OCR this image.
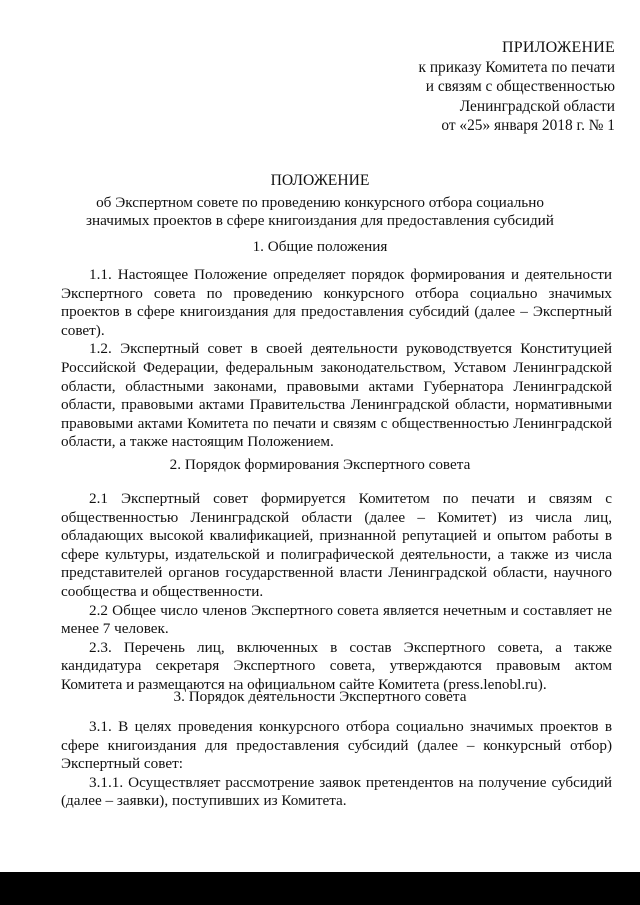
ПРИЛОЖЕНИЕ
к приказу Комитета по печати
и связям с общественностью
Ленинградской области
от «25» января 2018 г. № 1
ПОЛОЖЕНИЕ
об Экспертном совете по проведению конкурсного отбора социально
значимых проектов в сфере книгоиздания для предоставления субсидий
1. Общие положения

1.1. Настоящее Положение определяет порядок формирования и деятельности Экспертного совета по проведению конкурсного отбора социально значимых проектов в сфере книгоиздания для предоставления субсидий (далее – Экспертный совет).

1.2. Экспертный совет в своей деятельности руководствуется Конституцией Российской Федерации, федеральным законодательством, Уставом Ленинградской области, областными законами, правовыми актами Губернатора Ленинградской области, правовыми актами Правительства Ленинградской области, нормативными правовыми актами Комитета по печати и связям с общественностью Ленинградской области, а также настоящим Положением.

2. Порядок формирования Экспертного совета

2.1 Экспертный совет формируется Комитетом по печати и связям с общественностью Ленинградской области (далее – Комитет) из числа лиц, обладающих высокой квалификацией, признанной репутацией и опытом работы в сфере культуры, издательской и полиграфической деятельности, а также из числа представителей органов государственной власти Ленинградской области, научного сообщества и общественности.

2.2 Общее число членов Экспертного совета является нечетным и составляет не менее 7 человек.

2.3. Перечень лиц, включенных в состав Экспертного совета, а также кандидатура секретаря Экспертного совета, утверждаются правовым актом Комитета и размещаются на официальном сайте Комитета (press.lenobl.ru).

3. Порядок деятельности Экспертного совета

3.1. В целях проведения конкурсного отбора социально значимых проектов в сфере книгоиздания для предоставления субсидий (далее – конкурсный отбор) Экспертный совет:

3.1.1. Осуществляет рассмотрение заявок претендентов на получение субсидий (далее – заявки), поступивших из Комитета.
